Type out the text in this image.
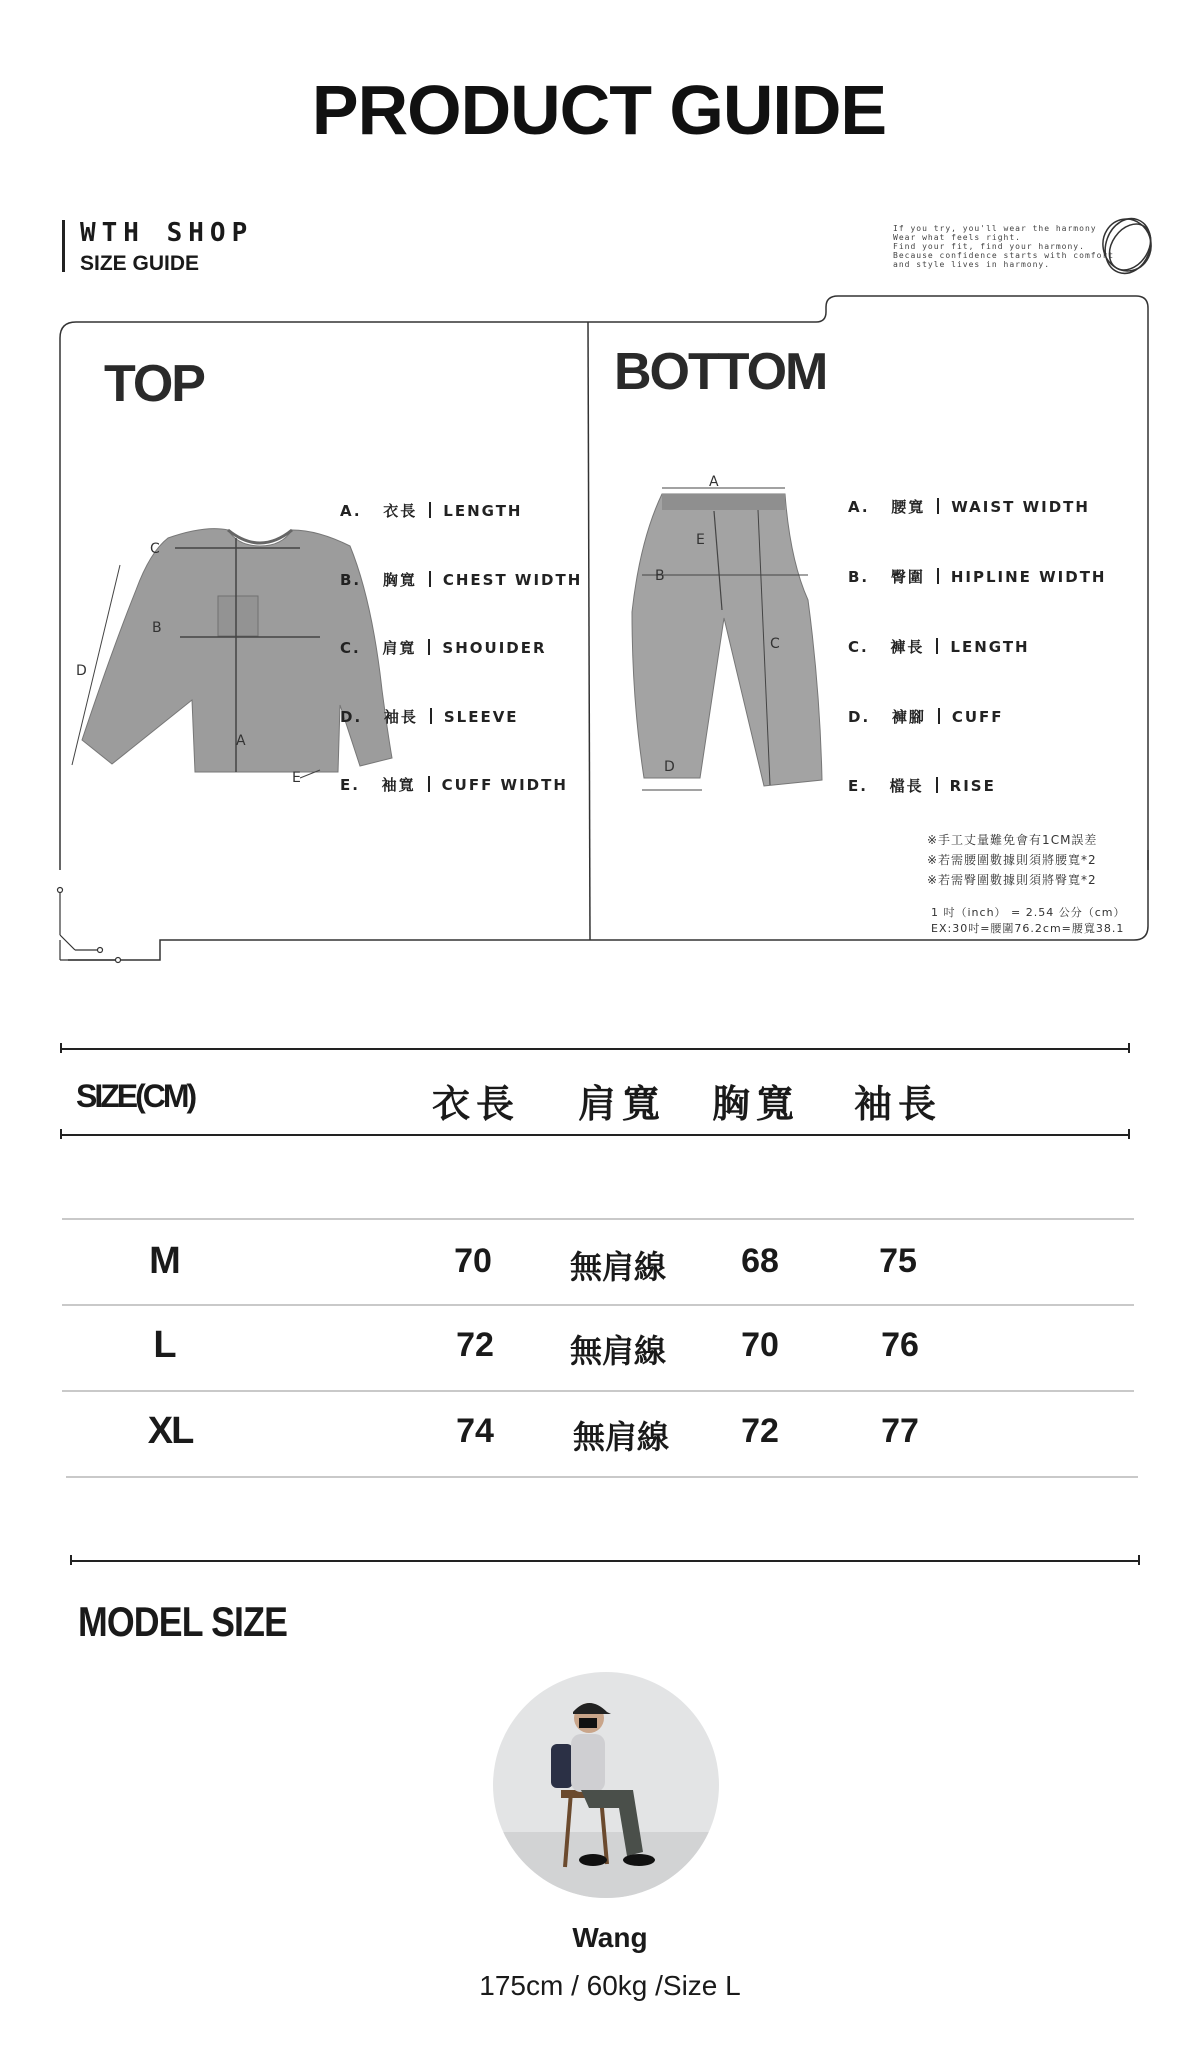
PRODUCT GUIDE
WTH SHOP
SIZE GUIDE
If you try, you'll wear the harmony
Wear what feels right.
Find your fit, find your harmony.
Because confidence starts with comfort
and style lives in harmony.
C
B
D
A
E
A
E
B
C
D
TOP	BOTTOM
A. 衣長 LENGTH
B. 胸寬 CHEST WIDTH
C. 肩寬 SHOUIDER
D. 袖長 SLEEVE
E. 袖寬 CUFF WIDTH
A. 腰寬 WAIST WIDTH
B. 臀圍 HIPLINE WIDTH
C. 褲長 LENGTH
D. 褲腳 CUFF
E. 檔長 RISE
※手工丈量難免會有1CM誤差
※若需腰圍數據則須將腰寬*2
※若需臀圍數據則須將臀寬*2
1 吋（inch） = 2.54 公分（cm）
EX:30吋=腰圍76.2cm=腰寬38.1
SIZE(CM)	衣長 肩寬 胸寬 袖長
M	70	無肩線	68	75
L	72	無肩線	70	76
XL	74	無肩線	72	77
MODEL SIZE
Wang
175cm / 60kg /Size L
